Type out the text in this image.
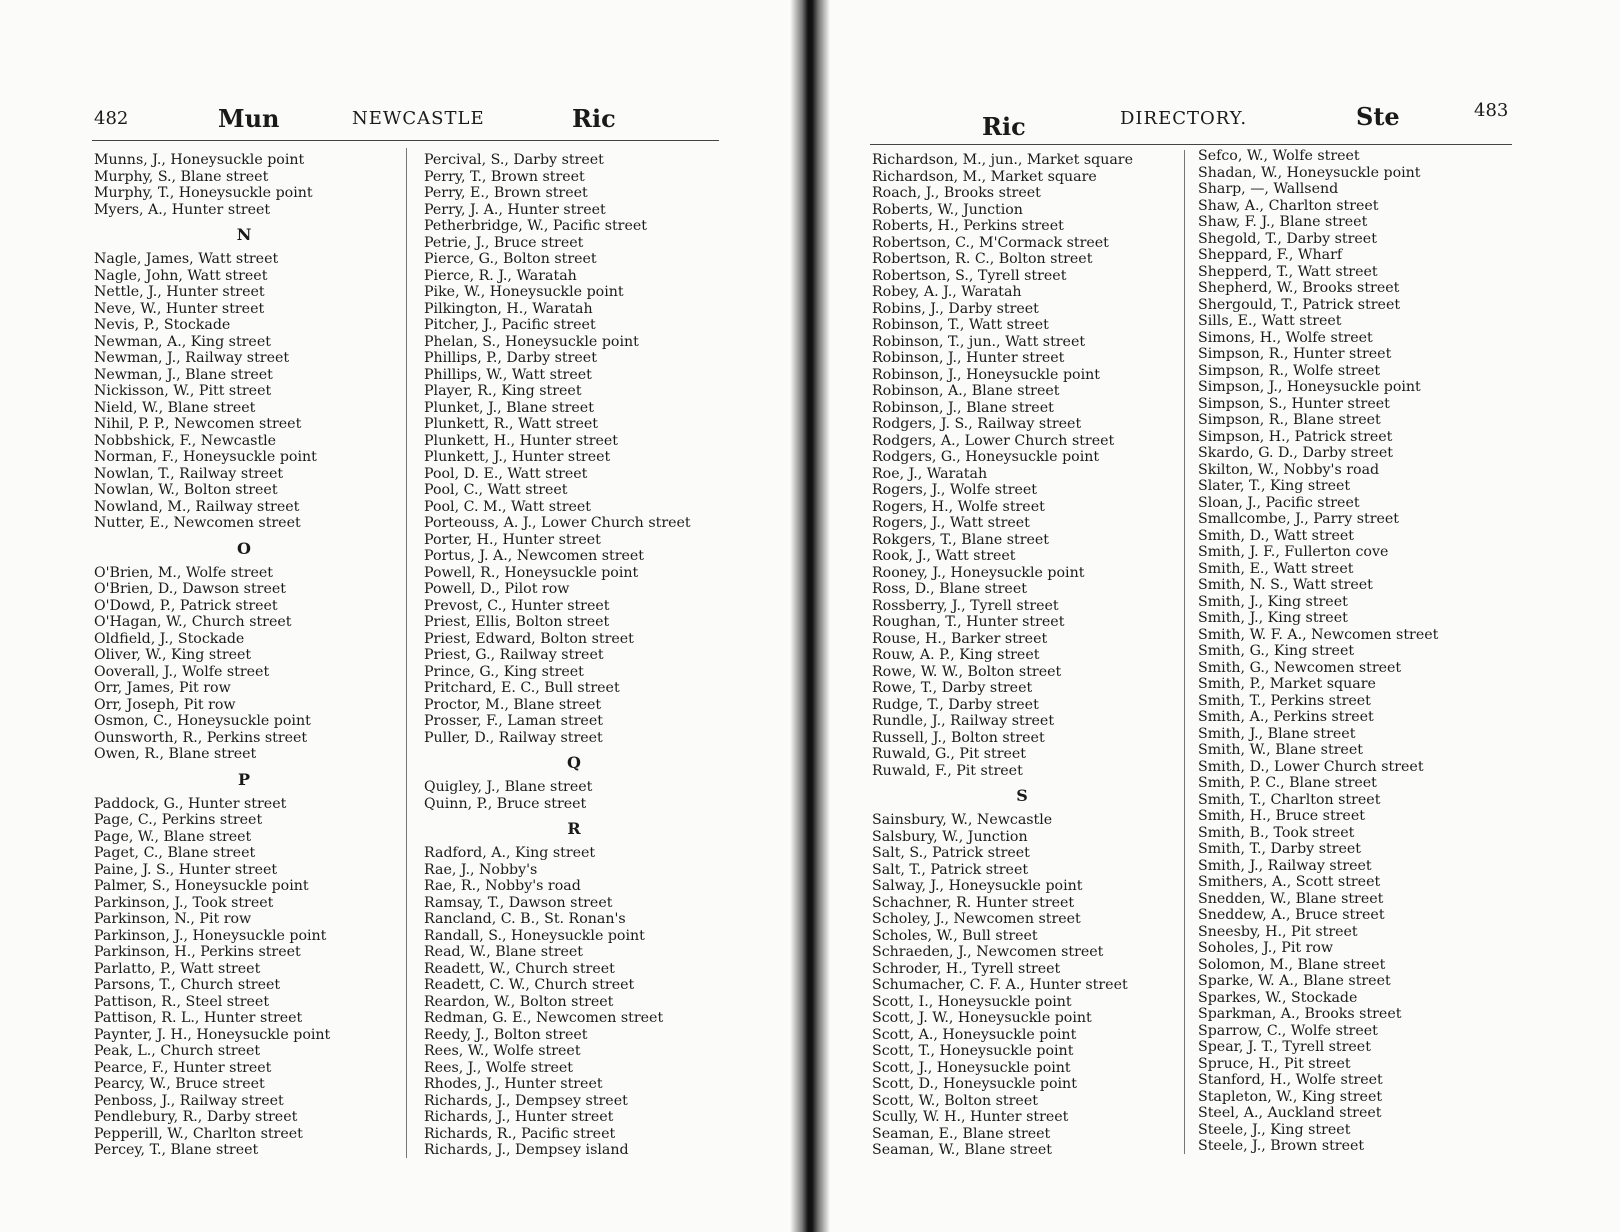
482	Mun	NEWCASTLE	Ric
Munns, J., Honeysuckle point
Murphy, S., Blane street
Murphy, T., Honeysuckle point
Myers, A., Hunter street
N
Nagle, James, Watt street
Nagle, John, Watt street
Nettle, J., Hunter street
Neve, W., Hunter street
Nevis, P., Stockade
Newman, A., King street
Newman, J., Railway street
Newman, J., Blane street
Nickisson, W., Pitt street
Nield, W., Blane street
Nihil, P. P., Newcomen street
Nobbshick, F., Newcastle
Norman, F., Honeysuckle point
Nowlan, T., Railway street
Nowlan, W., Bolton street
Nowland, M., Railway street
Nutter, E., Newcomen street
O
O'Brien, M., Wolfe street
O'Brien, D., Dawson street
O'Dowd, P., Patrick street
O'Hagan, W., Church street
Oldfield, J., Stockade
Oliver, W., King street
Ooverall, J., Wolfe street
Orr, James, Pit row
Orr, Joseph, Pit row
Osmon, C., Honeysuckle point
Ounsworth, R., Perkins street
Owen, R., Blane street
P
Paddock, G., Hunter street
Page, C., Perkins street
Page, W., Blane street
Paget, C., Blane street
Paine, J. S., Hunter street
Palmer, S., Honeysuckle point
Parkinson, J., Took street
Parkinson, N., Pit row
Parkinson, J., Honeysuckle point
Parkinson, H., Perkins street
Parlatto, P., Watt street
Parsons, T., Church street
Pattison, R., Steel street
Pattison, R. L., Hunter street
Paynter, J. H., Honeysuckle point
Peak, L., Church street
Pearce, F., Hunter street
Pearcy, W., Bruce street
Penboss, J., Railway street
Pendlebury, R., Darby street
Pepperill, W., Charlton street
Percey, T., Blane street
Percival, S., Darby street
Perry, T., Brown street
Perry, E., Brown street
Perry, J. A., Hunter street
Petherbridge, W., Pacific street
Petrie, J., Bruce street
Pierce, G., Bolton street
Pierce, R. J., Waratah
Pike, W., Honeysuckle point
Pilkington, H., Waratah
Pitcher, J., Pacific street
Phelan, S., Honeysuckle point
Phillips, P., Darby street
Phillips, W., Watt street
Player, R., King street
Plunket, J., Blane street
Plunkett, R., Watt street
Plunkett, H., Hunter street
Plunkett, J., Hunter street
Pool, D. E., Watt street
Pool, C., Watt street
Pool, C. M., Watt street
Porteouss, A. J., Lower Church street
Porter, H., Hunter street
Portus, J. A., Newcomen street
Powell, R., Honeysuckle point
Powell, D., Pilot row
Prevost, C., Hunter street
Priest, Ellis, Bolton street
Priest, Edward, Bolton street
Priest, G., Railway street
Prince, G., King street
Pritchard, E. C., Bull street
Proctor, M., Blane street
Prosser, F., Laman street
Puller, D., Railway street
Q
Quigley, J., Blane street
Quinn, P., Bruce street
R
Radford, A., King street
Rae, J., Nobby's
Rae, R., Nobby's road
Ramsay, T., Dawson street
Rancland, C. B., St. Ronan's
Randall, S., Honeysuckle point
Read, W., Blane street
Readett, W., Church street
Readett, C. W., Church street
Reardon, W., Bolton street
Redman, G. E., Newcomen street
Reedy, J., Bolton street
Rees, W., Wolfe street
Rees, J., Wolfe street
Rhodes, J., Hunter street
Richards, J., Dempsey street
Richards, J., Hunter street
Richards, R., Pacific street
Richards, J., Dempsey island
Ric	DIRECTORY.	Ste	483
Richardson, M., jun., Market square
Richardson, M., Market square
Roach, J., Brooks street
Roberts, W., Junction
Roberts, H., Perkins street
Robertson, C., M'Cormack street
Robertson, R. C., Bolton street
Robertson, S., Tyrell street
Robey, A. J., Waratah
Robins, J., Darby street
Robinson, T., Watt street
Robinson, T., jun., Watt street
Robinson, J., Hunter street
Robinson, J., Honeysuckle point
Robinson, A., Blane street
Robinson, J., Blane street
Rodgers, J. S., Railway street
Rodgers, A., Lower Church street
Rodgers, G., Honeysuckle point
Roe, J., Waratah
Rogers, J., Wolfe street
Rogers, H., Wolfe street
Rogers, J., Watt street
Rokgers, T., Blane street
Rook, J., Watt street
Rooney, J., Honeysuckle point
Ross, D., Blane street
Rossberry, J., Tyrell street
Roughan, T., Hunter street
Rouse, H., Barker street
Rouw, A. P., King street
Rowe, W. W., Bolton street
Rowe, T., Darby street
Rudge, T., Darby street
Rundle, J., Railway street
Russell, J., Bolton street
Ruwald, G., Pit street
Ruwald, F., Pit street
S
Sainsbury, W., Newcastle
Salsbury, W., Junction
Salt, S., Patrick street
Salt, T., Patrick street
Salway, J., Honeysuckle point
Schachner, R. Hunter street
Scholey, J., Newcomen street
Scholes, W., Bull street
Schraeden, J., Newcomen street
Schroder, H., Tyrell street
Schumacher, C. F. A., Hunter street
Scott, I., Honeysuckle point
Scott, J. W., Honeysuckle point
Scott, A., Honeysuckle point
Scott, T., Honeysuckle point
Scott, J., Honeysuckle point
Scott, D., Honeysuckle point
Scott, W., Bolton street
Scully, W. H., Hunter street
Seaman, E., Blane street
Seaman, W., Blane street
Sefco, W., Wolfe street
Shadan, W., Honeysuckle point
Sharp, —, Wallsend
Shaw, A., Charlton street
Shaw, F. J., Blane street
Shegold, T., Darby street
Sheppard, F., Wharf
Shepperd, T., Watt street
Shepherd, W., Brooks street
Shergould, T., Patrick street
Sills, E., Watt street
Simons, H., Wolfe street
Simpson, R., Hunter street
Simpson, R., Wolfe street
Simpson, J., Honeysuckle point
Simpson, S., Hunter street
Simpson, R., Blane street
Simpson, H., Patrick street
Skardo, G. D., Darby street
Skilton, W., Nobby's road
Slater, T., King street
Sloan, J., Pacific street
Smallcombe, J., Parry street
Smith, D., Watt street
Smith, J. F., Fullerton cove
Smith, E., Watt street
Smith, N. S., Watt street
Smith, J., King street
Smith, J., King street
Smith, W. F. A., Newcomen street
Smith, G., King street
Smith, G., Newcomen street
Smith, P., Market square
Smith, T., Perkins street
Smith, A., Perkins street
Smith, J., Blane street
Smith, W., Blane street
Smith, D., Lower Church street
Smith, P. C., Blane street
Smith, T., Charlton street
Smith, H., Bruce street
Smith, B., Took street
Smith, T., Darby street
Smith, J., Railway street
Smithers, A., Scott street
Snedden, W., Blane street
Sneddew, A., Bruce street
Sneesby, H., Pit street
Soholes, J., Pit row
Solomon, M., Blane street
Sparke, W. A., Blane street
Sparkes, W., Stockade
Sparkman, A., Brooks street
Sparrow, C., Wolfe street
Spear, J. T., Tyrell street
Spruce, H., Pit street
Stanford, H., Wolfe street
Stapleton, W., King street
Steel, A., Auckland street
Steele, J., King street
Steele, J., Brown street
